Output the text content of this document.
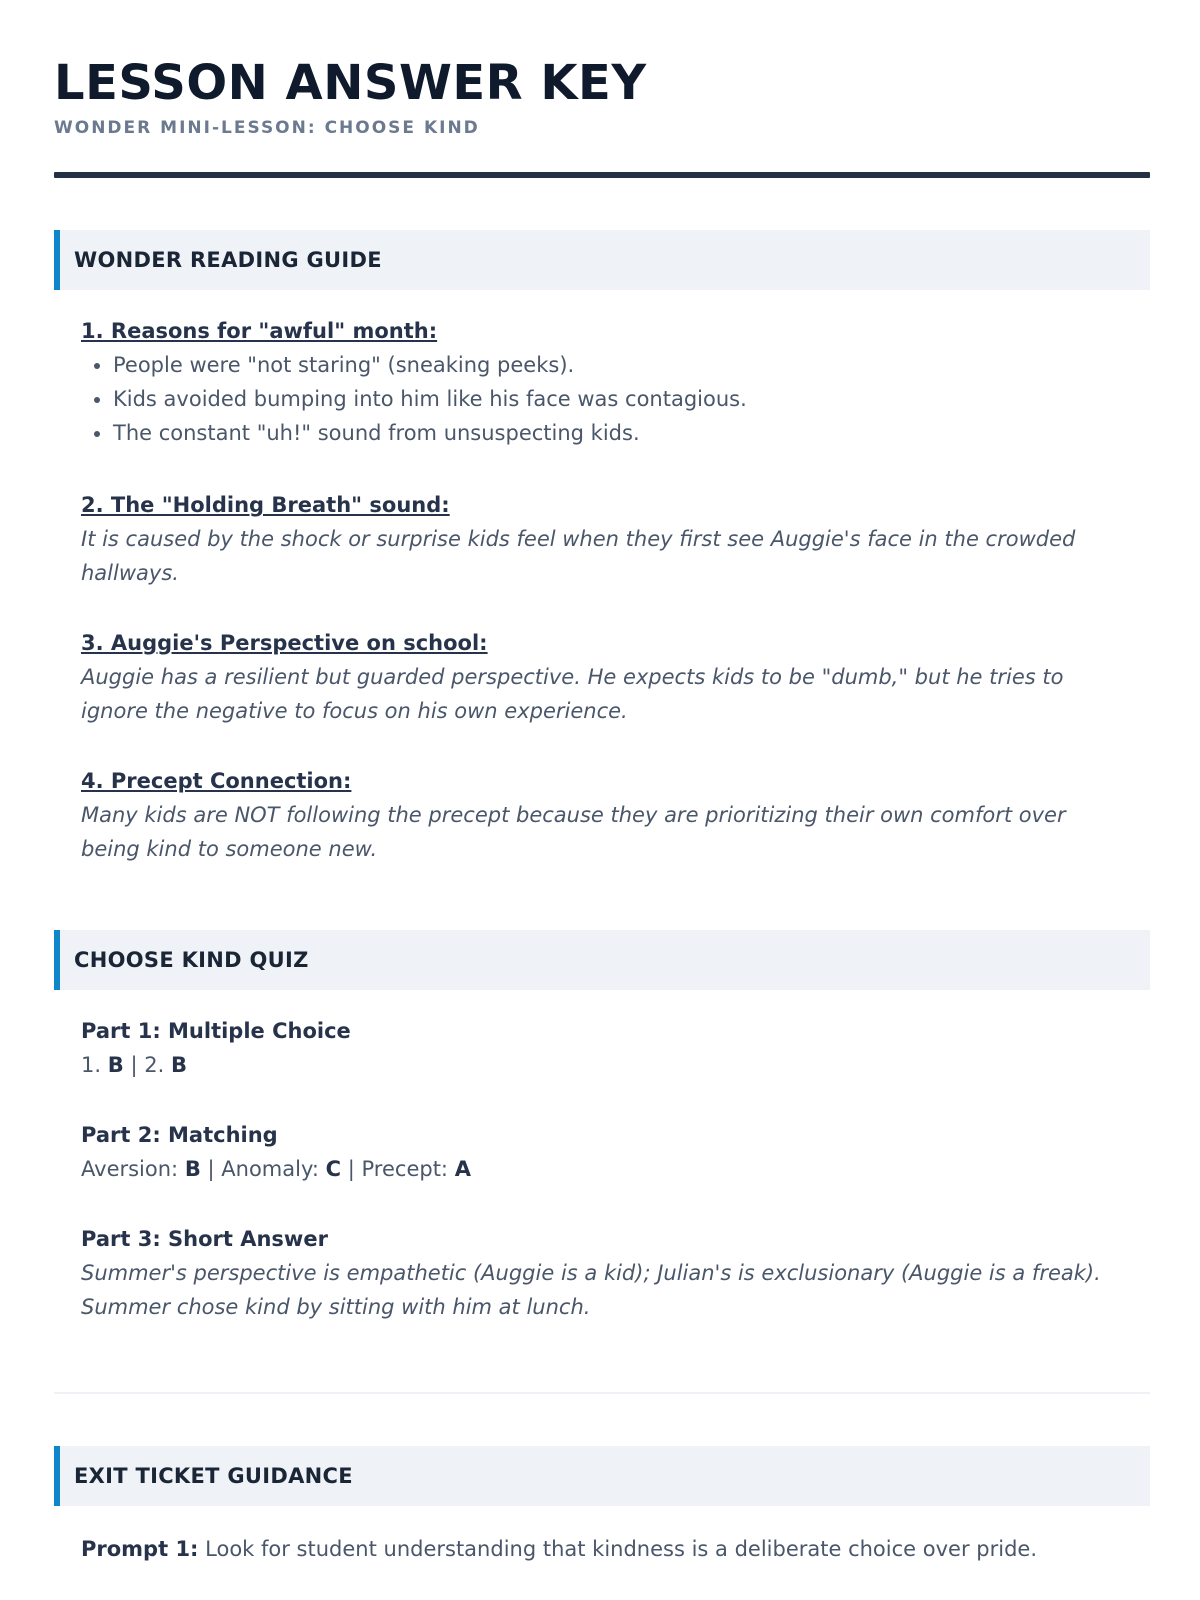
LESSON ANSWER KEY
WONDER MINI-LESSON: CHOOSE KIND
WONDER READING GUIDE
1. Reasons for "awful" month:
• People were "not staring" (sneaking peeks).
• Kids avoided bumping into him like his face was contagious.
• The constant "uh!" sound from unsuspecting kids.
2. The "Holding Breath" sound:

It is caused by the shock or surprise kids feel when they first see Auggie's face in the crowded hallways.

3. Auggie's Perspective on school:

Auggie has a resilient but guarded perspective. He expects kids to be "dumb," but he tries to ignore the negative to focus on his own experience.

4. Precept Connection:

Many kids are NOT following the precept because they are prioritizing their own comfort over being kind to someone new.

CHOOSE KIND QUIZ
Part 1: Multiple Choice
1. B | 2. B
Part 2: Matching
Aversion: B | Anomaly: C | Precept: A
Part 3: Short Answer

Summer's perspective is empathetic (Auggie is a kid); Julian's is exclusionary (Auggie is a freak). Summer chose kind by sitting with him at lunch.

EXIT TICKET GUIDANCE
Prompt 1: Look for student understanding that kindness is a deliberate choice over pride.
